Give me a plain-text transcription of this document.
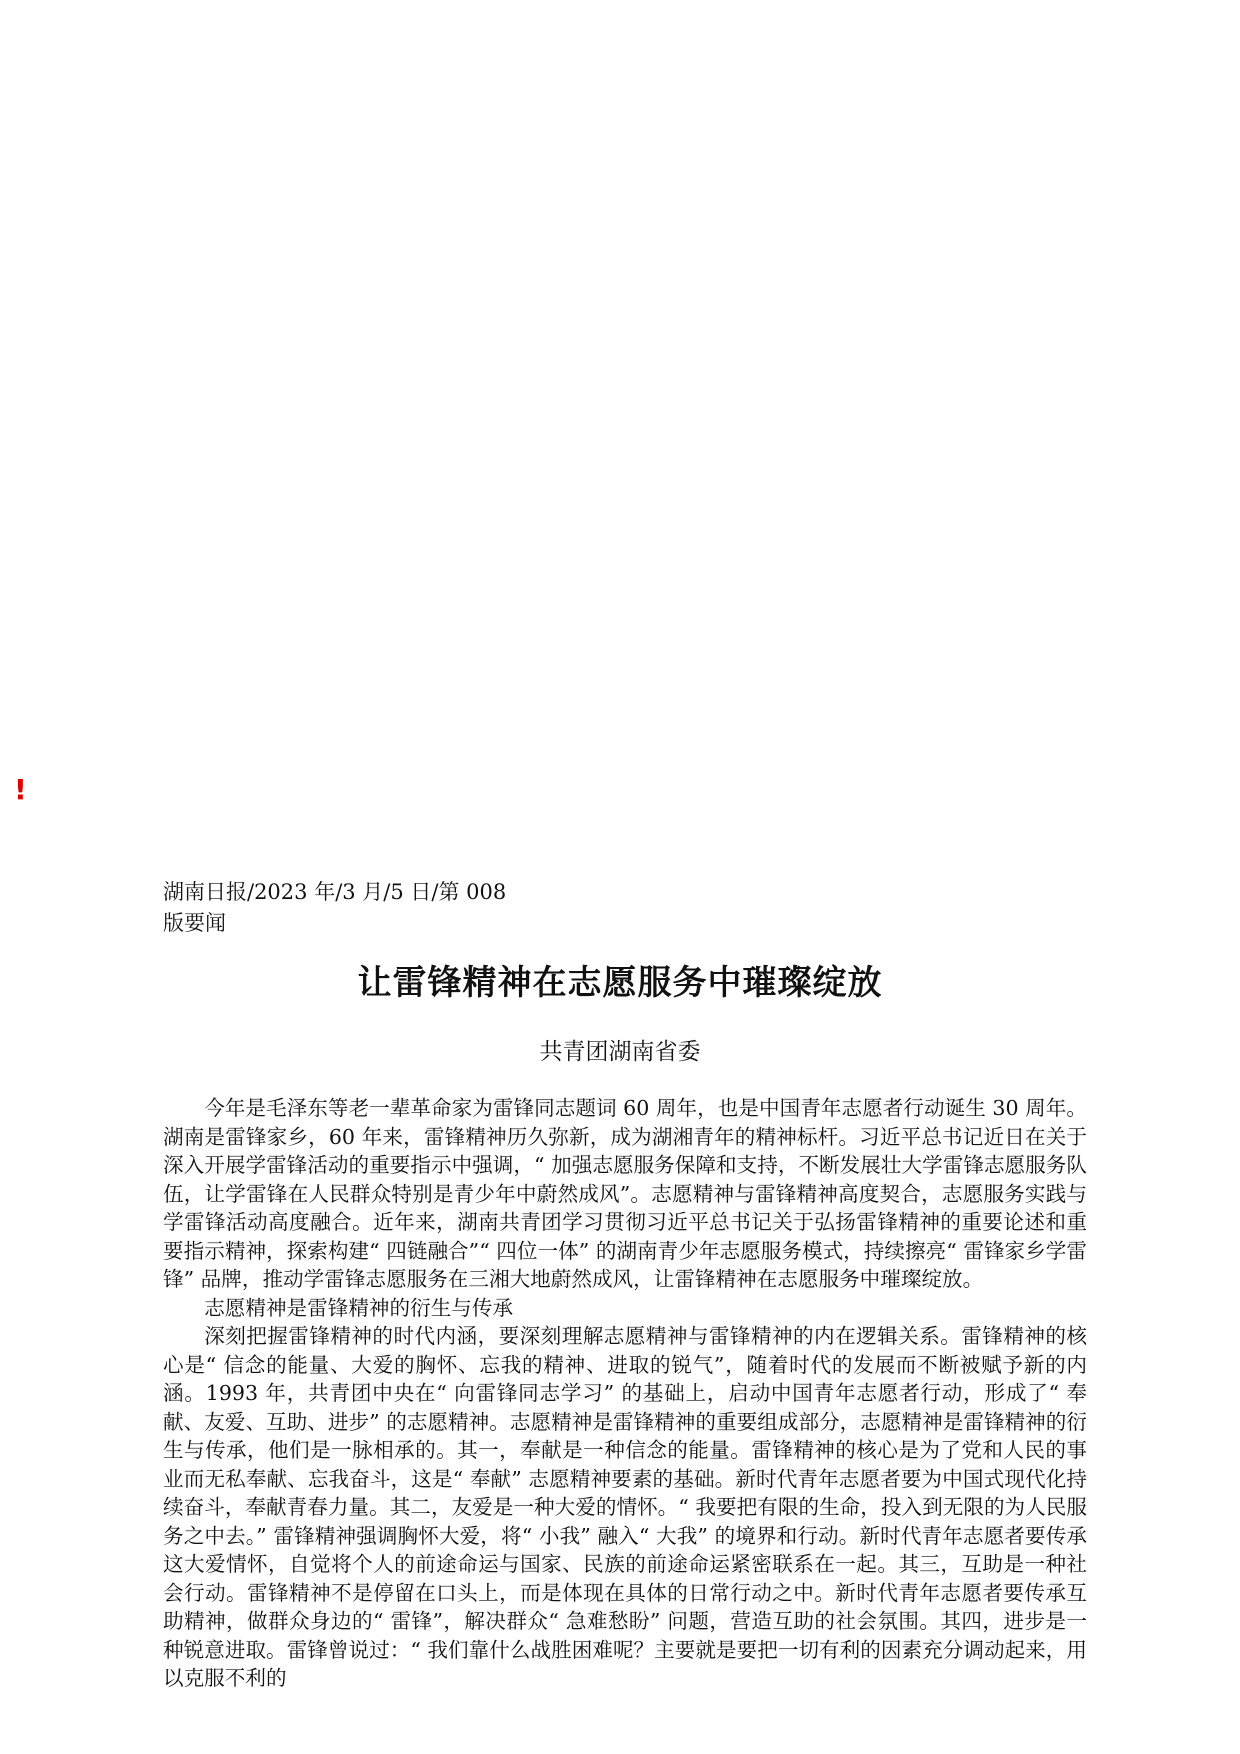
!
湖南日报/2023 年/3 月/5 日/第 008
版要闻
让雷锋精神在志愿服务中璀璨绽放
共青团湖南省委

今年是毛泽东等老一辈革命家为雷锋同志题词 60 周年，也是中国青年志愿者行动诞生 30 周年。湖南是雷锋家乡，60 年来，雷锋精神历久弥新，成为湖湘青年的精神标杆。习近平总书记近日在关于深入开展学雷锋活动的重要指示中强调，“ 加强志愿服务保障和支持，不断发展壮大学雷锋志愿服务队伍，让学雷锋在人民群众特别是青少年中蔚然成风”。志愿精神与雷锋精神高度契合，志愿服务实践与学雷锋活动高度融合。近年来，湖南共青团学习贯彻习近平总书记关于弘扬雷锋精神的重要论述和重要指示精神，探索构建“ 四链融合”“ 四位一体” 的湖南青少年志愿服务模式，持续擦亮“ 雷锋家乡学雷锋” 品牌，推动学雷锋志愿服务在三湘大地蔚然成风，让雷锋精神在志愿服务中璀璨绽放。

志愿精神是雷锋精神的衍生与传承

深刻把握雷锋精神的时代内涵，要深刻理解志愿精神与雷锋精神的内在逻辑关系。雷锋精神的核心是“ 信念的能量、大爱的胸怀、忘我的精神、进取的锐气”，随着时代的发展而不断被赋予新的内涵。1993 年，共青团中央在“ 向雷锋同志学习” 的基础上，启动中国青年志愿者行动，形成了“ 奉献、友爱、互助、进步” 的志愿精神。志愿精神是雷锋精神的重要组成部分，志愿精神是雷锋精神的衍生与传承，他们是一脉相承的。其一，奉献是一种信念的能量。雷锋精神的核心是为了党和人民的事业而无私奉献、忘我奋斗，这是“ 奉献” 志愿精神要素的基础。新时代青年志愿者要为中国式现代化持续奋斗，奉献青春力量。其二，友爱是一种大爱的情怀。“ 我要把有限的生命，投入到无限的为人民服务之中去。” 雷锋精神强调胸怀大爱，将“ 小我” 融入“ 大我” 的境界和行动。新时代青年志愿者要传承这大爱情怀，自觉将个人的前途命运与国家、民族的前途命运紧密联系在一起。其三，互助是一种社会行动。雷锋精神不是停留在口头上，而是体现在具体的日常行动之中。新时代青年志愿者要传承互助精神，做群众身边的“ 雷锋”，解决群众“ 急难愁盼” 问题，营造互助的社会氛围。其四，进步是一种锐意进取。雷锋曾说过：“ 我们靠什么战胜困难呢？主要就是要把一切有利的因素充分调动起来，用以克服不利的
